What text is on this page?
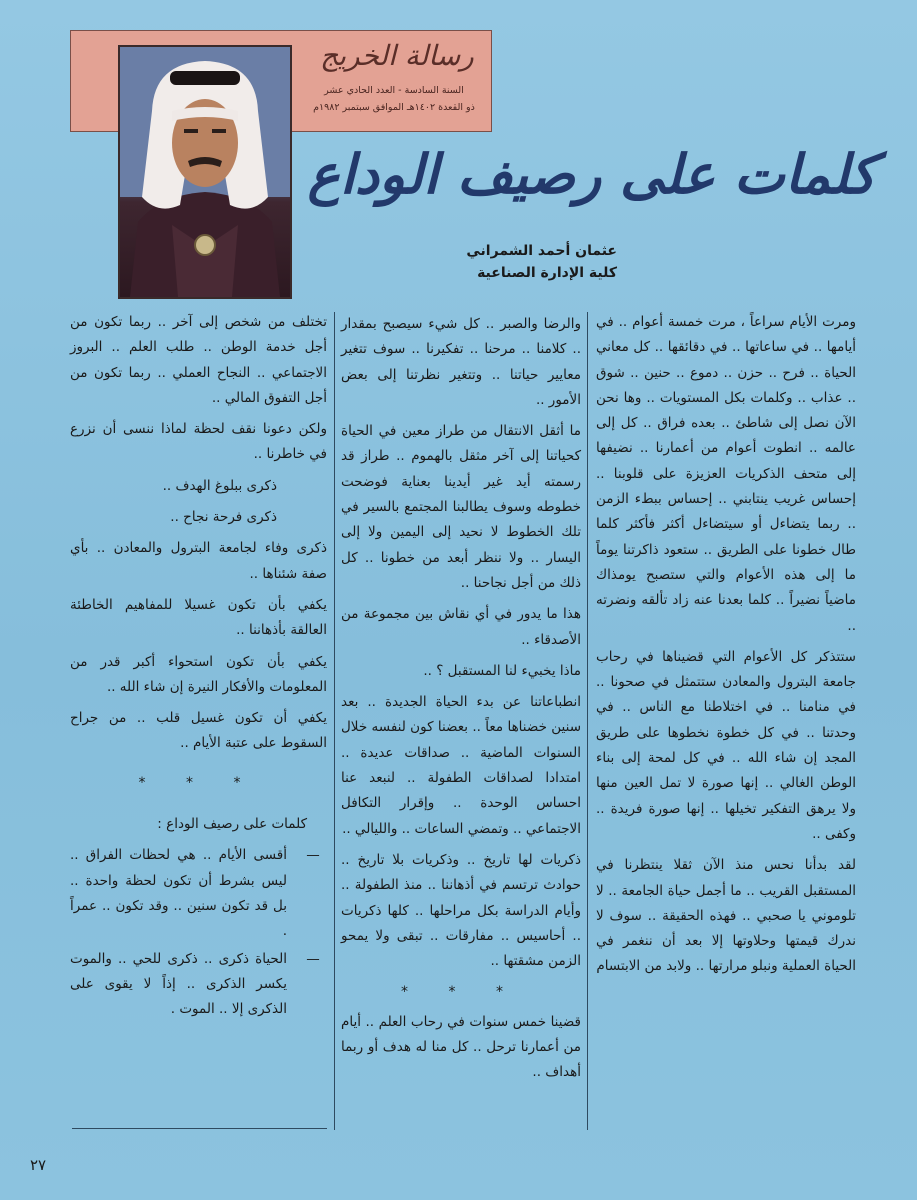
رسالة الخريج
السنة السادسة - العدد الحادي عشر
ذو القعدة ١٤٠٢هـ الموافق سبتمبر ١٩٨٢م
كلمات على رصيف الوداع
عثمان أحمد الشمراني
كلية الإدارة الصناعية

ومرت الأيام سراعاً ، مرت خمسة أعوام .. في أيامها .. في ساعاتها .. في دقائقها .. كل معاني الحياة .. فرح .. حزن .. دموع .. حنين .. شوق .. عذاب .. وكلمات بكل المستويات .. وها نحن الآن نصل إلى شاطئ .. بعده فراق .. كل إلى عالمه .. انطوت أعوام من أعمارنا .. نضيفها إلى متحف الذكريات العزيزة على قلوبنا .. إحساس غريب ينتابني .. إحساس ببطء الزمن .. ربما يتضاءل أو سيتضاءل أكثر فأكثر كلما طال خطونا على الطريق .. ستعود ذاكرتنا يوماً ما إلى هذه الأعوام والتي ستصبح يومذاك ماضياً نضيراً .. كلما بعدنا عنه زاد تألقه ونضرته ..

ستتذكر كل الأعوام التي قضيناها في رحاب جامعة البترول والمعادن ستتمثل في صحونا .. في منامنا .. في اختلاطنا مع الناس .. في وحدتنا .. في كل خطوة نخطوها على طريق المجد إن شاء الله .. في كل لمحة إلى بناء الوطن الغالي .. إنها صورة لا تمل العين منها ولا يرهق التفكير تخيلها .. إنها صورة فريدة .. وكفى ..

لقد بدأنا نحس منذ الآن ثقلا ينتظرنا في المستقبل القريب .. ما أجمل حياة الجامعة .. لا تلوموني يا صحبي .. فهذه الحقيقة .. سوف لا ندرك قيمتها وحلاوتها إلا بعد أن ننغمر في الحياة العملية ونبلو مرارتها .. ولابد من الابتسام

والرضا والصبر .. كل شيء سيصبح بمقدار .. كلامنا .. مرحنا .. تفكيرنا .. سوف تتغير معايير حياتنا .. وتتغير نظرتنا إلى بعض الأمور ..

ما أثقل الانتقال من طراز معين في الحياة كحياتنا إلى آخر مثقل بالهموم .. طراز قد رسمته أيد غير أيدينا بعناية فوضحت خطوطه وسوف يطالبنا المجتمع بالسير في تلك الخطوط لا نحيد إلى اليمين ولا إلى اليسار .. ولا ننظر أبعد من خطونا .. كل ذلك من أجل نجاحنا ..

هذا ما يدور في أي نقاش بين مجموعة من الأصدقاء ..

ماذا يخبيء لنا المستقبل ؟ ..

انطباعاتنا عن بدء الحياة الجديدة .. بعد سنين خضناها معاً .. بعضنا كون لنفسه خلال السنوات الماضية .. صداقات عديدة .. امتدادا لصداقات الطفولة .. لنبعد عنا احساس الوحدة .. وإقرار التكافل الاجتماعي .. وتمضي الساعات .. والليالي ..

ذكريات لها تاريخ .. وذكريات بلا تاريخ .. حوادث ترتسم في أذهاننا .. منذ الطفولة .. وأيام الدراسة بكل مراحلها .. كلها ذكريات .. أحاسيس .. مفارقات .. تبقى ولا يمحو الزمن مشقتها ..

* * *

قضينا خمس سنوات في رحاب العلم .. أيام من أعمارنا ترحل .. كل منا له هدف أو ربما أهداف ..

تختلف من شخص إلى آخر .. ربما تكون من أجل خدمة الوطن .. طلب العلم .. البروز الاجتماعي .. النجاح العملي .. ربما تكون من أجل التفوق المالي ..

ولكن دعونا نقف لحظة لماذا ننسى أن نزرع في خاطرنا ..

ذكرى ببلوغ الهدف ..

ذكرى فرحة نجاح ..

ذكرى وفاء لجامعة البترول والمعادن .. بأي صفة شئناها ..

يكفي بأن تكون غسيلا للمفاهيم الخاطئة العالقة بأذهاننا ..

يكفي بأن تكون استحواء أكبر قدر من المعلومات والأفكار النيرة إن شاء الله ..

يكفي أن تكون غسيل قلب .. من جراح السقوط على عتبة الأيام ..

* * *

كلمات على رصيف الوداع :

—
أقسى الأيام .. هي لحظات الفراق .. ليس بشرط أن تكون لحظة واحدة .. بل قد تكون سنين .. وقد تكون .. عمراً .
—
الحياة ذكرى .. ذكرى للحي .. والموت يكسر الذكرى .. إذاً لا يقوى على الذكرى إلا .. الموت .
٢٧
